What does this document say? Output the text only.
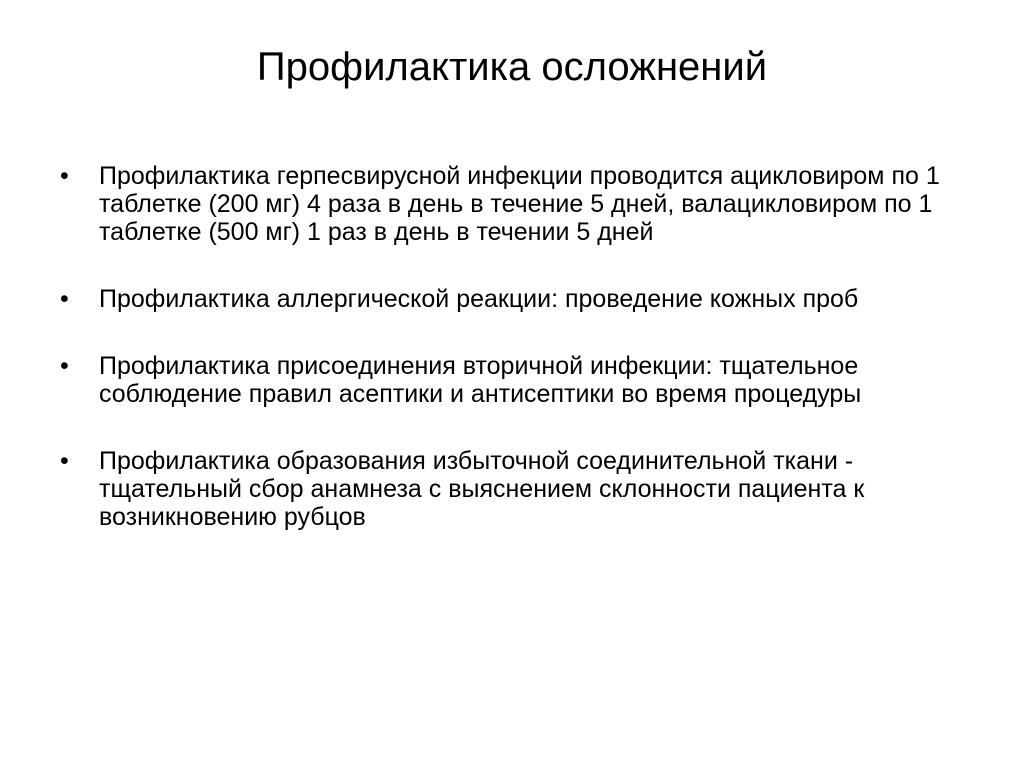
Профилактика осложнений
•	Профилактика герпесвирусной инфекции проводится ацикловиром по 1 таблетке (200 мг) 4 раза в день в течение 5 дней, валацикловиром по 1 таблетке (500 мг) 1 раз в день в течении 5 дней
•	Профилактика аллергической реакции: проведение кожных проб
•	Профилактика присоединения вторичной инфекции: тщательное соблюдение правил асептики и антисептики во время процедуры
•	Профилактика образования избыточной соединительной ткани - тщательный сбор анамнеза с выяснением склонности пациента к возникновению рубцов
